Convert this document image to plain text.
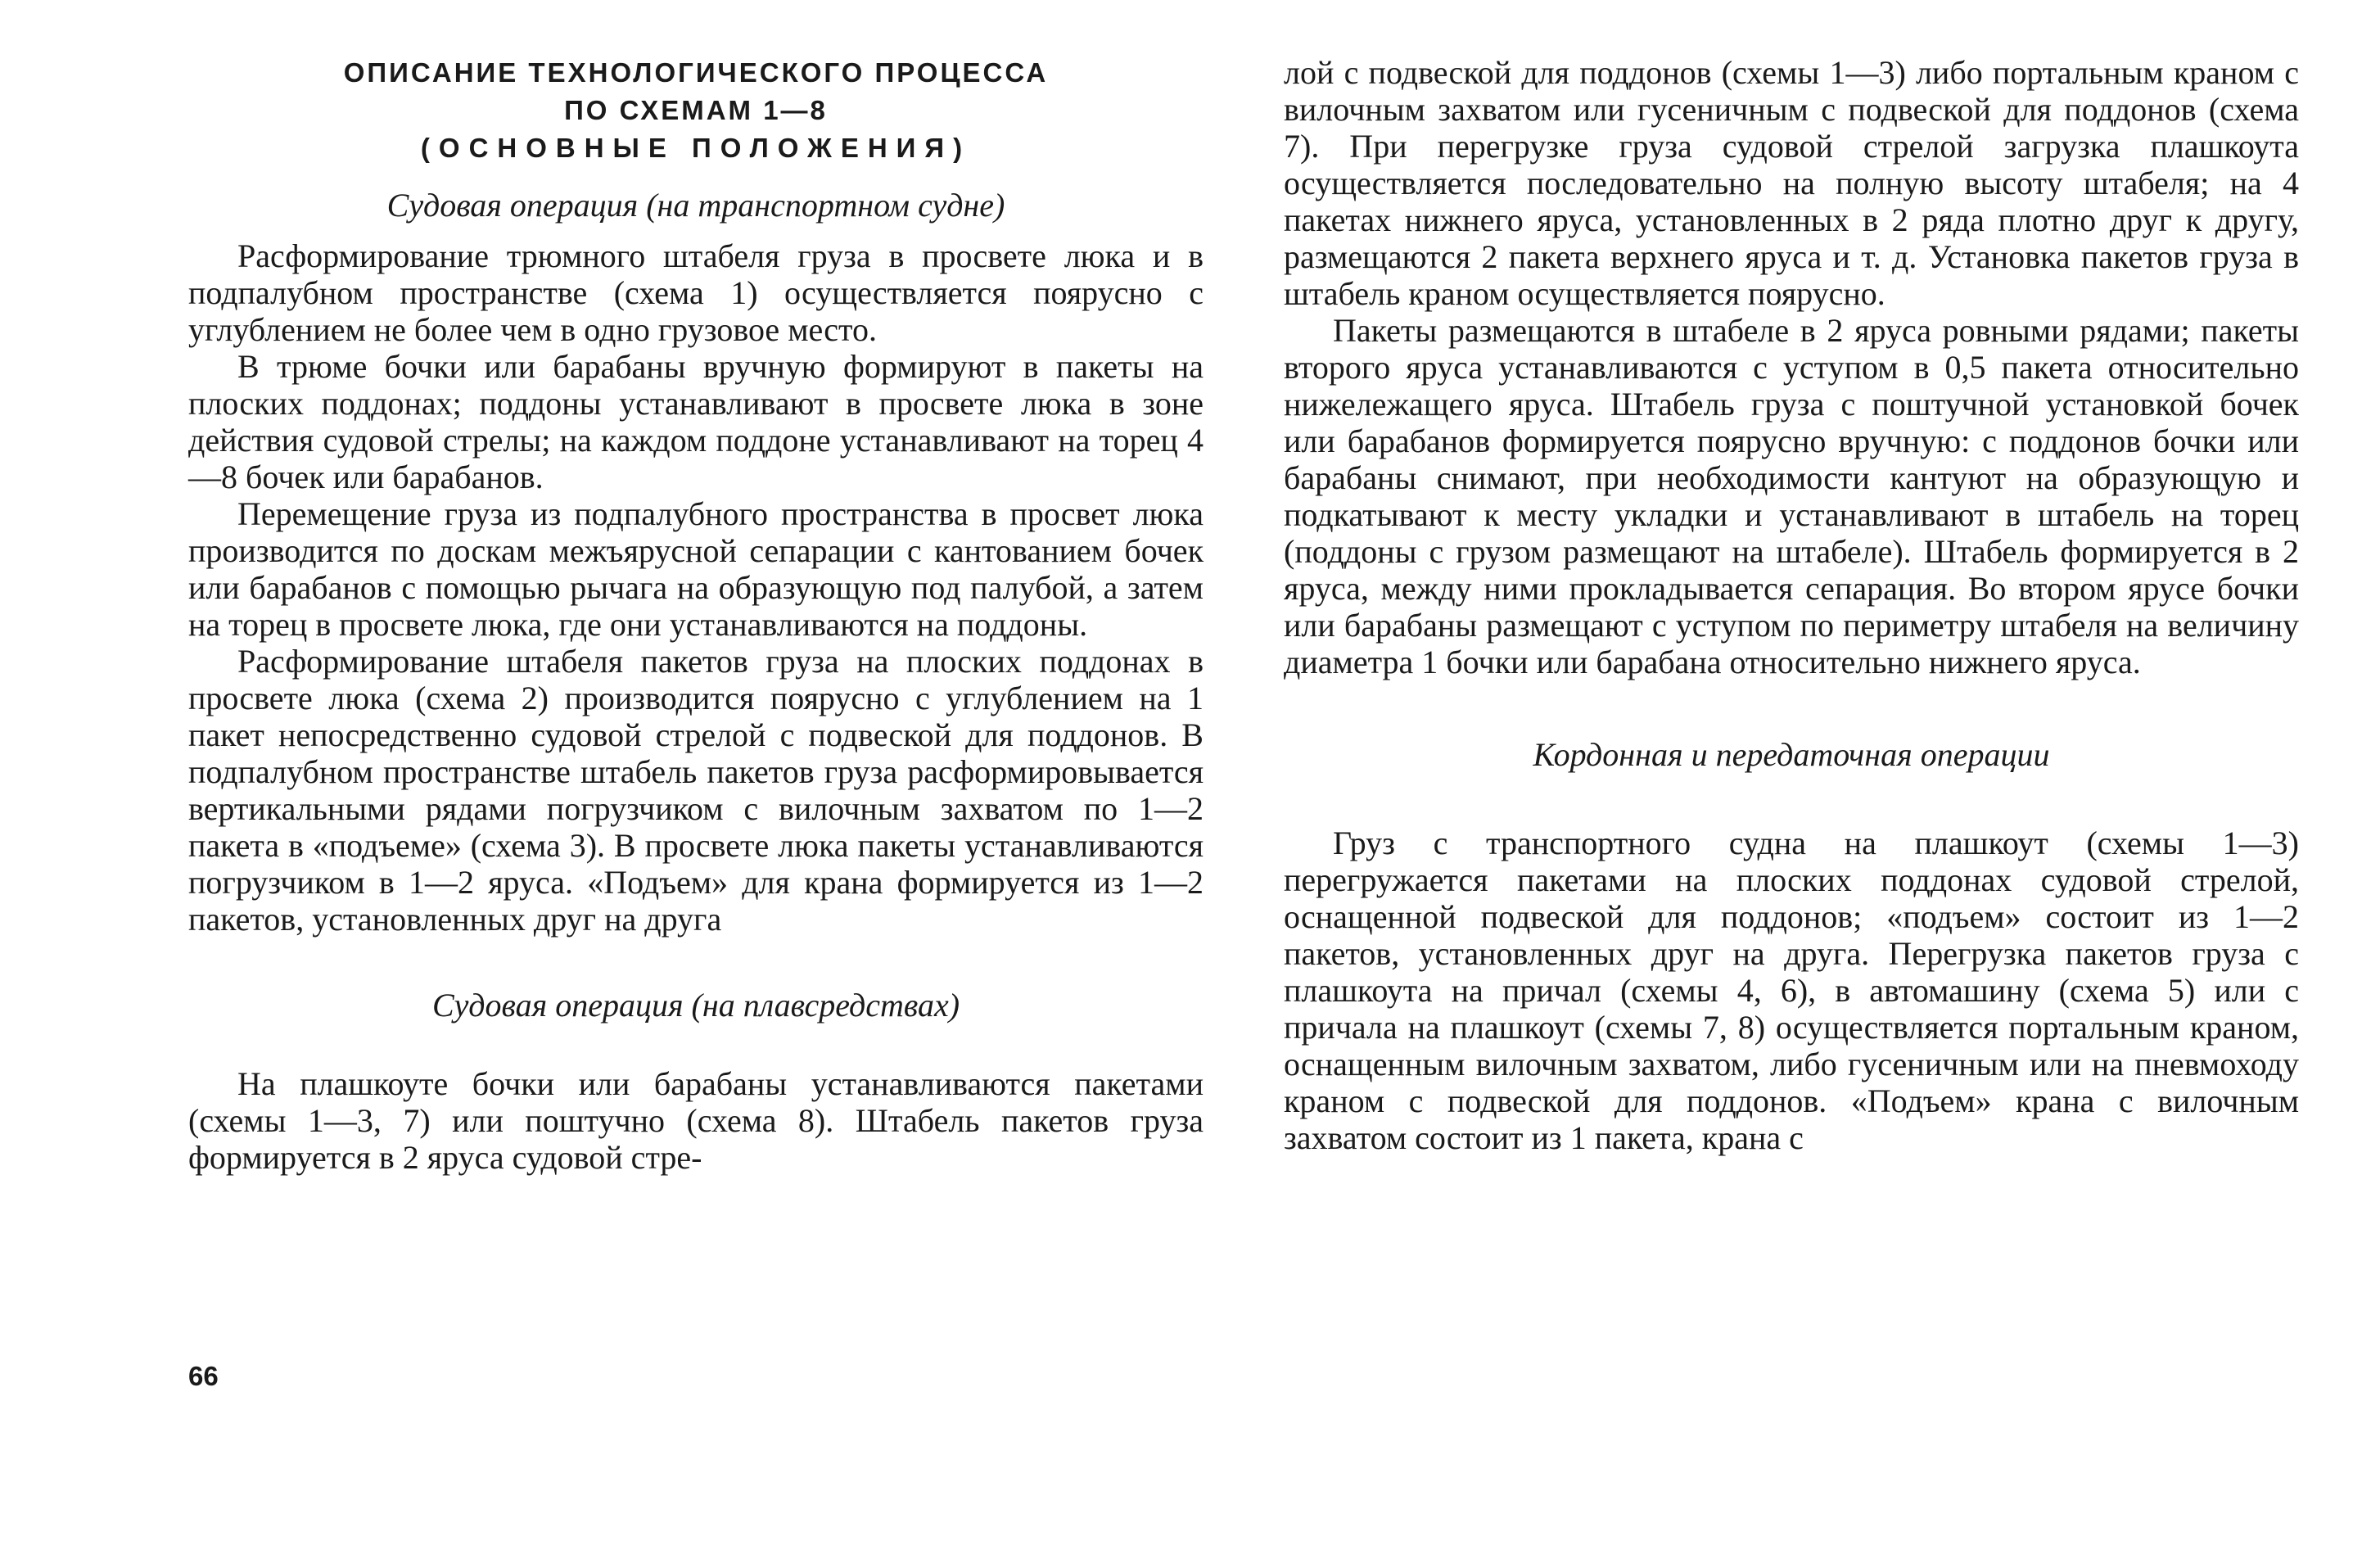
ОПИСАНИЕ ТЕХНОЛОГИЧЕСКОГО ПРОЦЕССА

ПО СХЕМАМ 1—8

(ОСНОВНЫЕ ПОЛОЖЕНИЯ)

Судовая операция (на транспортном судне)

Расформирование трюмного штабеля груза в просвете люка и в подпалубном пространстве (схема 1) осуществляется поярусно с углублением не более чем в одно грузовое место.

В трюме бочки или барабаны вручную формируют в пакеты на плоских поддонах; поддоны устанавливают в просвете люка в зоне действия судовой стрелы; на каждом поддоне устанавливают на торец 4—8 бочек или барабанов.

Перемещение груза из подпалубного пространства в просвет люка производится по доскам межъярусной сепарации с кантованием бочек или барабанов с помощью рычага на образующую под палубой, а затем на торец в просвете люка, где они устанавливаются на поддоны.

Расформирование штабеля пакетов груза на плоских поддонах в просвете люка (схема 2) производится поярусно с углублением на 1 пакет непосредственно судовой стрелой с подвеской для поддонов. В подпалубном пространстве штабель пакетов груза расформировывается вертикальными рядами погрузчиком с вилочным захватом по 1—2 пакета в «подъеме» (схема 3). В просвете люка пакеты устанавливаются погрузчиком в 1—2 яруса. «Подъем» для крана формируется из 1—2 пакетов, установленных друг на друга

Судовая операция (на плавсредствах)

На плашкоуте бочки или барабаны устанавливаются пакетами (схемы 1—3, 7) или поштучно (схема 8). Штабель пакетов груза формируется в 2 яруса судовой стре-

66

лой с подвеской для поддонов (схемы 1—3) либо портальным краном с вилочным захватом или гусеничным с подвеской для поддонов (схема 7). При перегрузке груза судовой стрелой загрузка плашкоута осуществляется последовательно на полную высоту штабеля; на 4 пакетах нижнего яруса, установленных в 2 ряда плотно друг к другу, размещаются 2 пакета верхнего яруса и т. д. Установка пакетов груза в штабель краном осуществляется поярусно.

Пакеты размещаются в штабеле в 2 яруса ровными рядами; пакеты второго яруса устанавливаются с уступом в 0,5 пакета относительно нижележащего яруса. Штабель груза с поштучной установкой бочек или барабанов формируется поярусно вручную: с поддонов бочки или барабаны снимают, при необходимости кантуют на образующую и подкатывают к месту укладки и устанавливают в штабель на торец (поддоны с грузом размещают на штабеле). Штабель формируется в 2 яруса, между ними прокладывается сепарация. Во втором ярусе бочки или барабаны размещают с уступом по периметру штабеля на величину диаметра 1 бочки или барабана относительно нижнего яруса.

Кордонная и передаточная операции

Груз с транспортного судна на плашкоут (схемы 1—3) перегружается пакетами на плоских поддонах судовой стрелой, оснащенной подвеской для поддонов; «подъем» состоит из 1—2 пакетов, установленных друг на друга. Перегрузка пакетов груза с плашкоута на причал (схемы 4, 6), в автомашину (схема 5) или с причала на плашкоут (схемы 7, 8) осуществляется портальным краном, оснащенным вилочным захватом, либо гусеничным или на пневмоходу краном с подвеской для поддонов. «Подъем» крана с вилочным захватом состоит из 1 пакета, крана с
